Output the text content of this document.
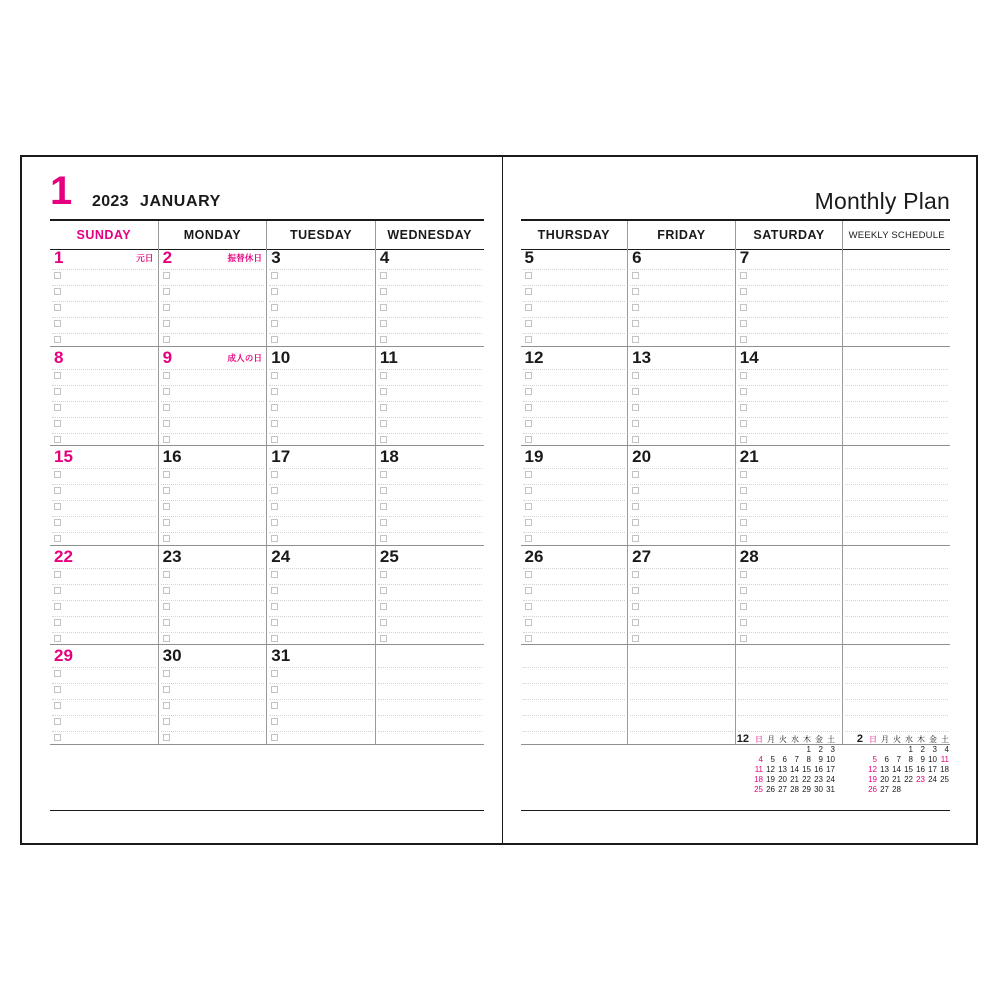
1 2023 JANUARY
SUNDAY	MONDAY	TUESDAY	WEDNESDAY
1	元日 2	振替休日 3	4
8	9	成人の日 10	11
15	16	17	18
22	23	24	25
29	30	31
Monthly Plan
THURSDAY	FRIDAY	SATURDAY	WEEKLY SCHEDULE
5	6	7
12	13	14
19	20	21
26	27	28
12	日	月	火	水	木	金	土
					1	2	3
	4	5	6	7	8	9	10
	11	12	13	14	15	16	17
	18	19	20	21	22	23	24
	25	26	27	28	29	30	31
2	日	月	火	水	木	金	土
				1	2	3	4
	5	6	7	8	9	10	11
	12	13	14	15	16	17	18
	19	20	21	22	23	24	25
	26	27	28				
